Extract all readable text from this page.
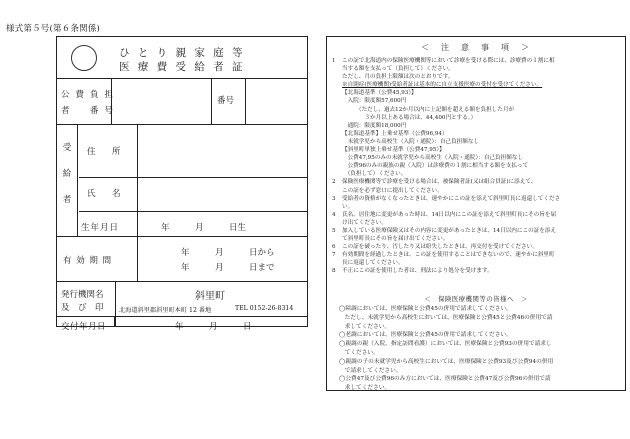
様式第５号(第６条関係)
ひ と り 親 家 庭 等
医 療 費 受 給 者 証
公費負担
者　番号
番号
受給者
住　所
氏　名
生年月日	年　　　月　　　日生
有 効 期 間
年　　　月　　　日から
年　　　月　　　日まで
発行機関名
及　び　印
斜里町
北海道斜里郡斜里町本町 12 番地	TEL 0152-26-8314
交付年月日	年　　　月　　　日
＜　注　意　事　項　＞
1 この証で北海道内の保険医療機関等において診療を受ける際には、診療費の１割に相
当する額を支払って（負担して）ください。
ただし、月の負担上限額は次のとおりです。
※自閉症(医療機関)受給者証は基本的に自立支援医療の受付を受けてください。
【北海道基準（公費45,93）】
　入院：限度額57,600円
　　　（ただし、過去12か月以内に上記額を超える額を負担した月が
　　　　３か月以上ある場合は、44,400円とする。）
　通院：限度額18,000円
【北海道基準】上乗せ基準（公費96,94）
　未就学児から高校生（入院・通院）：自己負担額なし
【斜里町単独上乗せ基準（公費47,95）】
　公費47,95のみの未就学児から高校生（入院・通院）：自己負担額なし
　公費96のみの親族の親（入院）は診療費の１割に相当する額を支払って
　（負担して）ください。
2 保険医療機関等で診療を受ける場合は、被保険者証(又は組合員証)に添えて、
この証を必ず窓口に提出してください。
3 受給者の資格がなくなったときは、速やかにこの証を添えて斜里町長に返還してくださ
い。
4 氏名、居住地に変更があった時は、14日以内にこの証を添えて斜里町長にその旨を届
け出てください。
5 加入している医療保険又はその内容に変更があったときは、14日以内にこの証を添え
て斜里町長にその旨を届け出てください。
6 この証を破ったり、汚したり又は紛失したときは、再交付を受けてください。
7 有効期間を経過したときは、この証を使用することはできないので、速やかに斜里町
長に返還してください。
8 不正にこの証を使用した者は、刑法により処分を受けます。
＜　保険医療機関等の皆様へ　＞
◯障調においては、医療保険と公費45の併用で請求してください。
　ただし、未就学児から高校生においては、医療保険と公費45と公費46の併用で請
　求してください。
◯老調においては、医療保険と公費45の併用で請求してください。
◯親調の親（入院、指定訪問看護）においては、医療保険と公費93の併用で請求し
　てください。
◯親調の子の未就学児から高校生においては、医療保険と公費93及び公費94の併用
　で請求してください。
◯公費47及び公費96のみ方においては、医療保険と公費47及び公費96の併用で請
　求してください。
